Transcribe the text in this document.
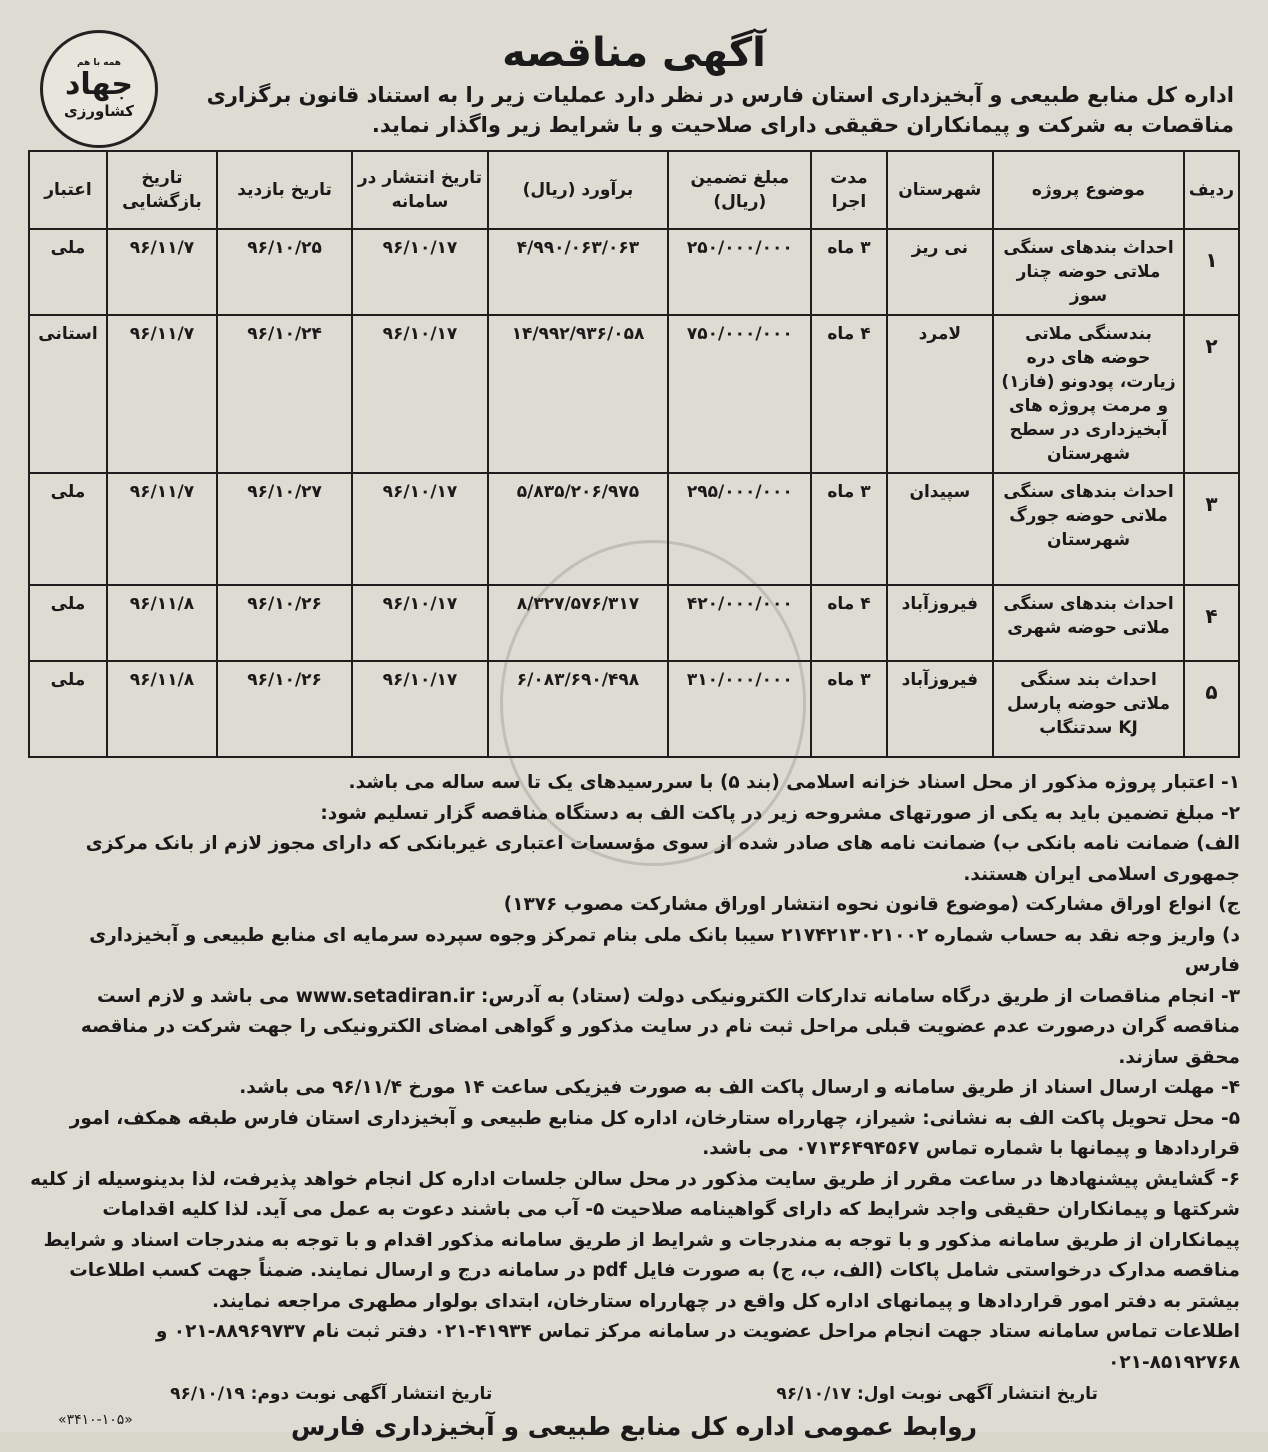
همه با هم
جهاد
کشاورزی
آگهی مناقصه

اداره کل منابع طبیعی و آبخیزداری استان فارس در نظر دارد عملیات زیر را به استناد قانون برگزاری مناقصات به شرکت و پیمانکاران حقیقی دارای صلاحیت و با شرایط زیر واگذار نماید.

ردیف	موضوع پروژه	شهرستان	مدت اجرا	مبلغ تضمین (ریال)	برآورد (ریال)	تاریخ انتشار در سامانه	تاریخ بازدید	تاریخ بازگشایی	اعتبار
۱	احداث بندهای سنگی ملاتی حوضه چنار سوز	نی ریز	۳ ماه	۲۵۰/۰۰۰/۰۰۰	۴/۹۹۰/۰۶۳/۰۶۳	۹۶/۱۰/۱۷	۹۶/۱۰/۲۵	۹۶/۱۱/۷	ملی
۲	بندسنگی ملاتی حوضه های دره زیارت، پودونو (فاز۱) و مرمت پروژه های آبخیزداری در سطح شهرستان	لامرد	۴ ماه	۷۵۰/۰۰۰/۰۰۰	۱۴/۹۹۲/۹۳۶/۰۵۸	۹۶/۱۰/۱۷	۹۶/۱۰/۲۴	۹۶/۱۱/۷	استانی
۳	احداث بندهای سنگی ملاتی حوضه جورگ شهرستان	سپیدان	۳ ماه	۲۹۵/۰۰۰/۰۰۰	۵/۸۳۵/۲۰۶/۹۷۵	۹۶/۱۰/۱۷	۹۶/۱۰/۲۷	۹۶/۱۱/۷	ملی
۴	احداث بندهای سنگی ملاتی حوضه شهری	فیروزآباد	۴ ماه	۴۲۰/۰۰۰/۰۰۰	۸/۳۲۷/۵۷۶/۳۱۷	۹۶/۱۰/۱۷	۹۶/۱۰/۲۶	۹۶/۱۱/۸	ملی
۵	احداث بند سنگی ملاتی حوضه پارسل KJ سدتنگاب	فیروزآباد	۳ ماه	۳۱۰/۰۰۰/۰۰۰	۶/۰۸۳/۶۹۰/۴۹۸	۹۶/۱۰/۱۷	۹۶/۱۰/۲۶	۹۶/۱۱/۸	ملی

۱- اعتبار پروژه مذکور از محل اسناد خزانه اسلامی (بند ۵) با سررسیدهای یک تا سه ساله می باشد.

۲- مبلغ تضمین باید به یکی از صورتهای مشروحه زیر در پاکت الف به دستگاه مناقصه گزار تسلیم شود:

الف) ضمانت نامه بانکی ب) ضمانت نامه های صادر شده از سوی مؤسسات اعتباری غیربانکی که دارای مجوز لازم از بانک مرکزی جمهوری اسلامی ایران هستند.

ج) انواع اوراق مشارکت (موضوع قانون نحوه انتشار اوراق مشارکت مصوب ۱۳۷۶)

د) واریز وجه نقد به حساب شماره ۲۱۷۴۲۱۳۰۲۱۰۰۲ سیبا بانک ملی بنام تمرکز وجوه سپرده سرمایه ای منابع طبیعی و آبخیزداری فارس

۳- انجام مناقصات از طریق درگاه سامانه تدارکات الکترونیکی دولت (ستاد) به آدرس: www.setadiran.ir می باشد و لازم است مناقصه گران درصورت عدم عضویت قبلی مراحل ثبت نام در سایت مذکور و گواهی امضای الکترونیکی را جهت شرکت در مناقصه محقق سازند.

۴- مهلت ارسال اسناد از طریق سامانه و ارسال پاکت الف به صورت فیزیکی ساعت ۱۴ مورخ ۹۶/۱۱/۴ می باشد.

۵- محل تحویل پاکت الف به نشانی: شیراز، چهارراه ستارخان، اداره کل منابع طبیعی و آبخیزداری استان فارس طبقه همکف، امور قراردادها و پیمانها با شماره تماس ۰۷۱۳۶۴۹۴۵۶۷ می باشد.

۶- گشایش پیشنهادها در ساعت مقرر از طریق سایت مذکور در محل سالن جلسات اداره کل انجام خواهد پذیرفت، لذا بدینوسیله از کلیه شرکتها و پیمانکاران حقیقی واجد شرایط که دارای گواهینامه صلاحیت ۵- آب می باشند دعوت به عمل می آید. لذا کلیه اقدامات پیمانکاران از طریق سامانه مذکور و با توجه به مندرجات و شرایط از طریق سامانه مذکور اقدام و با توجه به مندرجات اسناد و شرایط مناقصه مدارک درخواستی شامل پاکات (الف، ب، ج) به صورت فایل pdf در سامانه درج و ارسال نمایند. ضمناً جهت کسب اطلاعات بیشتر به دفتر امور قراردادها و پیمانهای اداره کل واقع در چهارراه ستارخان، ابتدای بولوار مطهری مراجعه نمایند.

اطلاعات تماس سامانه ستاد جهت انجام مراحل عضویت در سامانه مرکز تماس ۴۱۹۳۴-۰۲۱ دفتر ثبت نام ۸۸۹۶۹۷۳۷-۰۲۱ و ۸۵۱۹۲۷۶۸-۰۲۱

تاریخ انتشار آگهی نوبت اول: ۹۶/۱۰/۱۷
تاریخ انتشار آگهی نوبت دوم: ۹۶/۱۰/۱۹
روابط عمومی اداره کل منابع طبیعی و آبخیزداری فارس
«۳۴۱۰-۱۰۵»
